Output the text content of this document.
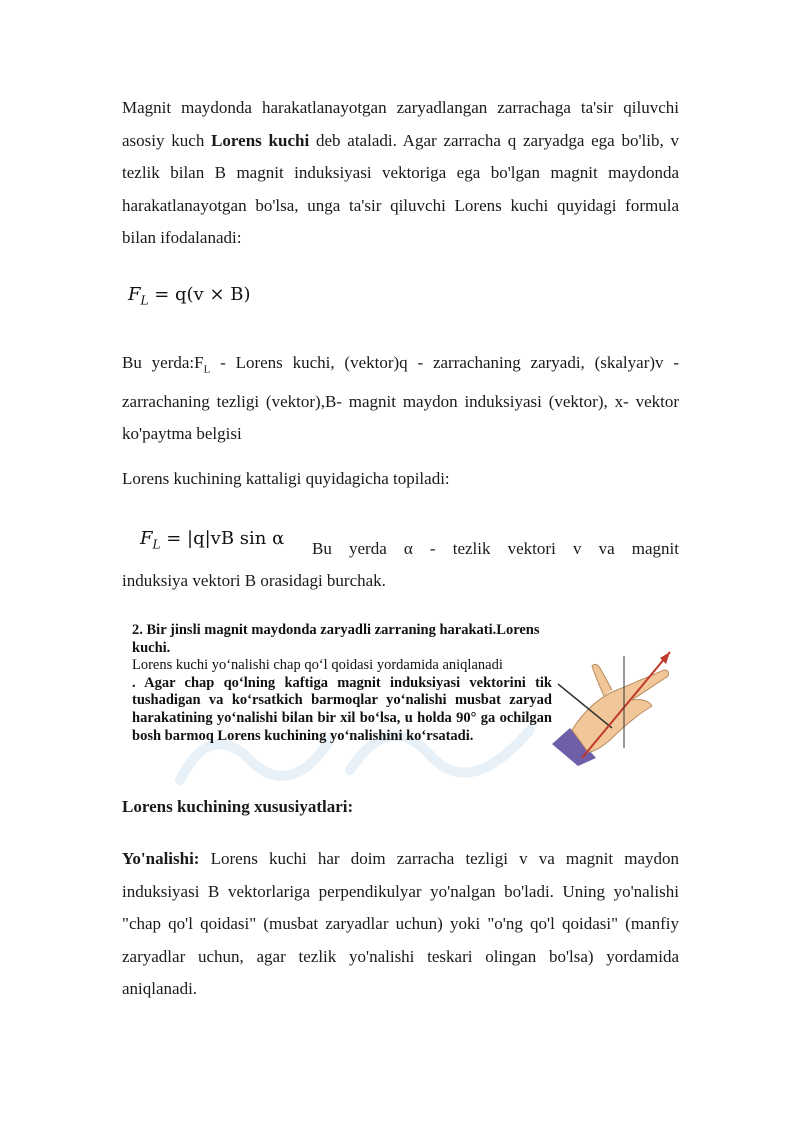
Magnit maydonda harakatlanayotgan zaryadlangan zarrachaga ta'sir qiluvchi asosiy kuch Lorens kuchi deb ataladi. Agar zarracha q zaryadga ega bo'lib, v tezlik bilan B magnit induksiyasi vektoriga ega bo'lgan magnit maydonda harakatlanayotgan bo'lsa, unga ta'sir qiluvchi Lorens kuchi quyidagi formula bilan ifodalanadi:

$F_L = q(v \times B)$

Bu $yerda:F_L$ - Lorens kuchi, (vektor)q - zarrachaning zaryadi, (skalyar)v - zarrachaning tezligi (vektor),B- magnit maydon induksiyasi (vektor), x- vektor ko'paytma belgisi

Lorens kuchining kattaligi quyidagicha topiladi:

$F_L = |q|vB$ sin α Bu yerda α - tezlik vektori v va magnit

induksiya vektori B orasidagi burchak.

2. Bir jinsli magnit maydonda zaryadli zarraning harakati.Lorens kuchi.
Lorens kuchi yo‘nalishi chap qo‘l qoidasi yordamida aniqlanadi
. Agar chap qo‘lning kaftiga magnit induksiyasi vektorini tik tushadigan va ko‘rsatkich barmoqlar yo‘nalishi musbat zaryad harakatining yo‘nalishi bilan bir xil bo‘lsa, u holda 90° ga ochilgan bosh barmoq Lorens kuchining yo‘nalishini ko‘rsatadi.
Lorens kuchining xususiyatlari:

Yo'nalishi: Lorens kuchi har doim zarracha tezligi v va magnit maydon induksiyasi B vektorlariga perpendikulyar yo'nalgan bo'ladi. Uning yo'nalishi "chap qo'l qoidasi" (musbat zaryadlar uchun) yoki "o'ng qo'l qoidasi" (manfiy zaryadlar uchun, agar tezlik yo'nalishi teskari olingan bo'lsa) yordamida aniqlanadi.
